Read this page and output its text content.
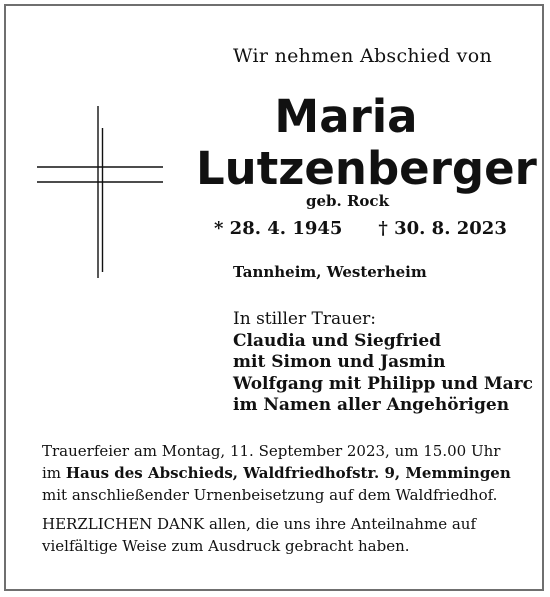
Wir nehmen Abschied von
Maria
Lutzenberger
geb. Rock
* 28. 4. 1945 † 30. 8. 2023
Tannheim, Westerheim
In stiller Trauer:
Claudia und Siegfried
mit Simon und Jasmin
Wolfgang mit Philipp und Marc
im Namen aller Angehörigen
Trauerfeier am Montag, 11. September 2023, um 15.00 Uhr
im Haus des Abschieds, Waldfriedhofstr. 9, Memmingen
mit anschließender Urnenbeisetzung auf dem Waldfriedhof.
HERZLICHEN DANK allen, die uns ihre Anteilnahme auf
vielfältige Weise zum Ausdruck gebracht haben.
